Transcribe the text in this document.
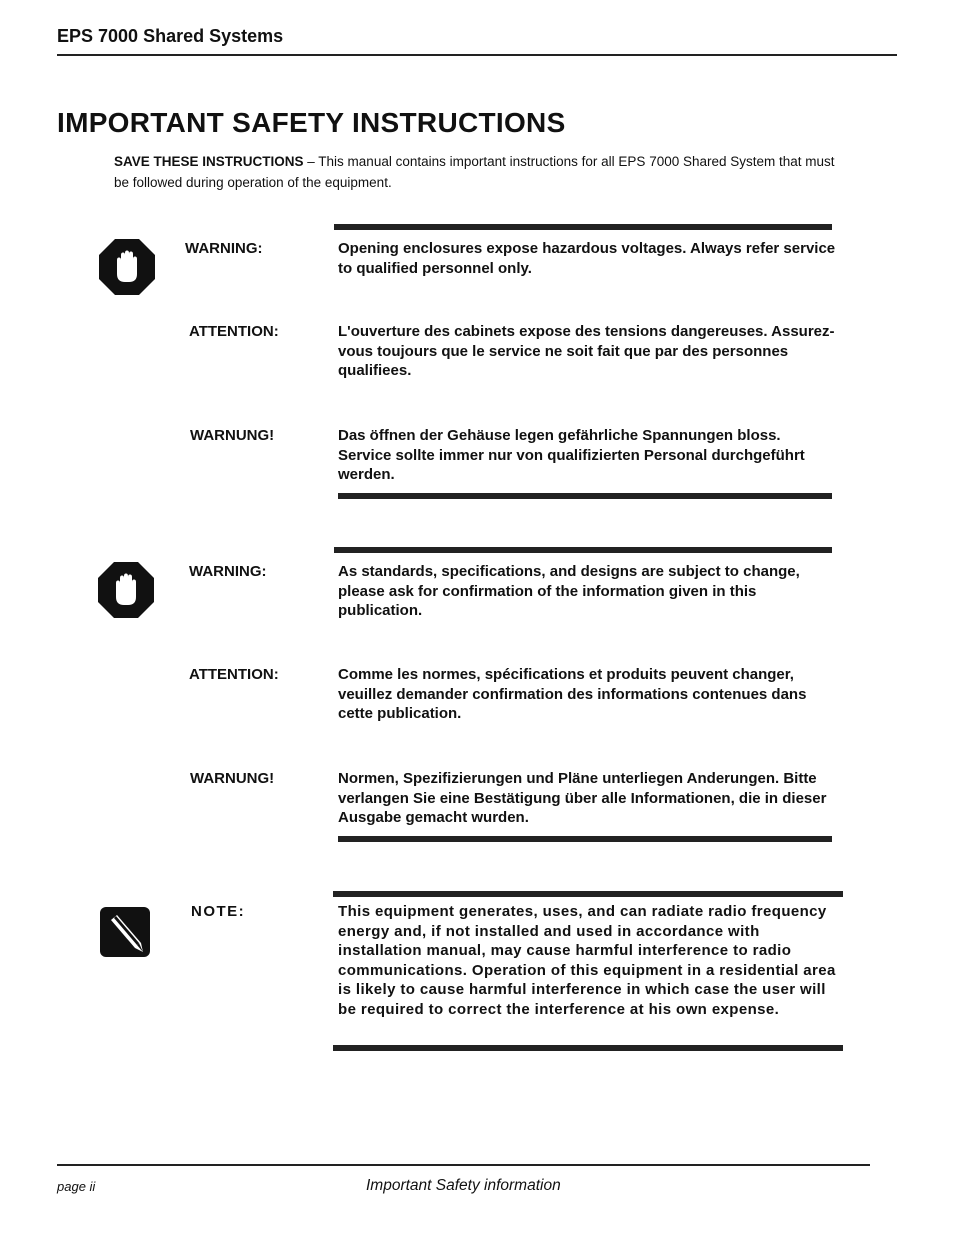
EPS 7000 Shared Systems
IMPORTANT SAFETY INSTRUCTIONS
SAVE THESE INSTRUCTIONS – This manual contains important instructions for all EPS 7000 Shared System that must be followed during operation of the equipment.
WARNING:	Opening enclosures expose hazardous voltages. Always refer service to qualified personnel only.
ATTENTION:	L'ouverture des cabinets expose des tensions dangereuses. Assurez-vous toujours que le service ne soit fait que par des personnes qualifiees.
WARNUNG!	Das öffnen der Gehäuse legen gefährliche Spannungen bloss. Service sollte immer nur von qualifizierten Personal durchgeführt werden.
WARNING:	As standards, specifications, and designs are subject to change, please ask for confirmation of the information given in this publication.
ATTENTION:	Comme les normes, spécifications et produits peuvent changer, veuillez demander confirmation des informations contenues dans cette publication.
WARNUNG!	Normen, Spezifizierungen und Pläne unterliegen Anderungen. Bitte verlangen Sie eine Bestätigung über alle Informationen, die in dieser Ausgabe gemacht wurden.
NOTE:	This equipment generates, uses, and can radiate radio frequency energy and, if not installed and used in accordance with installation manual, may cause harmful interference to radio communications. Operation of this equipment in a residential area is likely to cause harmful interference in which case the user will be required to correct the interference at his own expense.
page ii	Important Safety information
